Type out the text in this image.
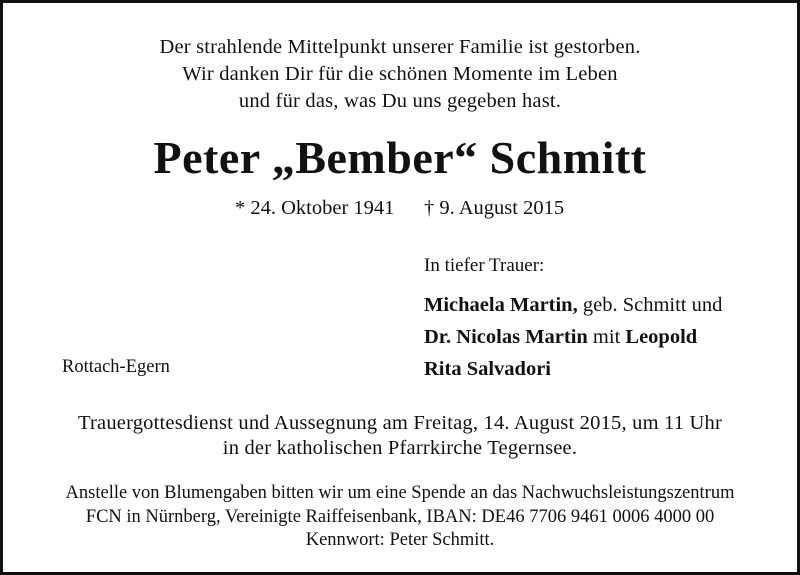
Der strahlende Mittelpunkt unserer Familie ist gestorben.
Wir danken Dir für die schönen Momente im Leben
und für das, was Du uns gegeben hast.
Peter „Bember“ Schmitt
* 24. Oktober 1941 † 9. August 2015
In tiefer Trauer:
Michaela Martin, geb. Schmitt und
Dr. Nicolas Martin mit Leopold
Rita Salvadori
Rottach-Egern
Trauergottesdienst und Aussegnung am Freitag, 14. August 2015, um 11 Uhr
in der katholischen Pfarrkirche Tegernsee.
Anstelle von Blumengaben bitten wir um eine Spende an das Nachwuchsleistungszentrum
FCN in Nürnberg, Vereinigte Raiffeisenbank, IBAN: DE46 7706 9461 0006 4000 00
Kennwort: Peter Schmitt.
